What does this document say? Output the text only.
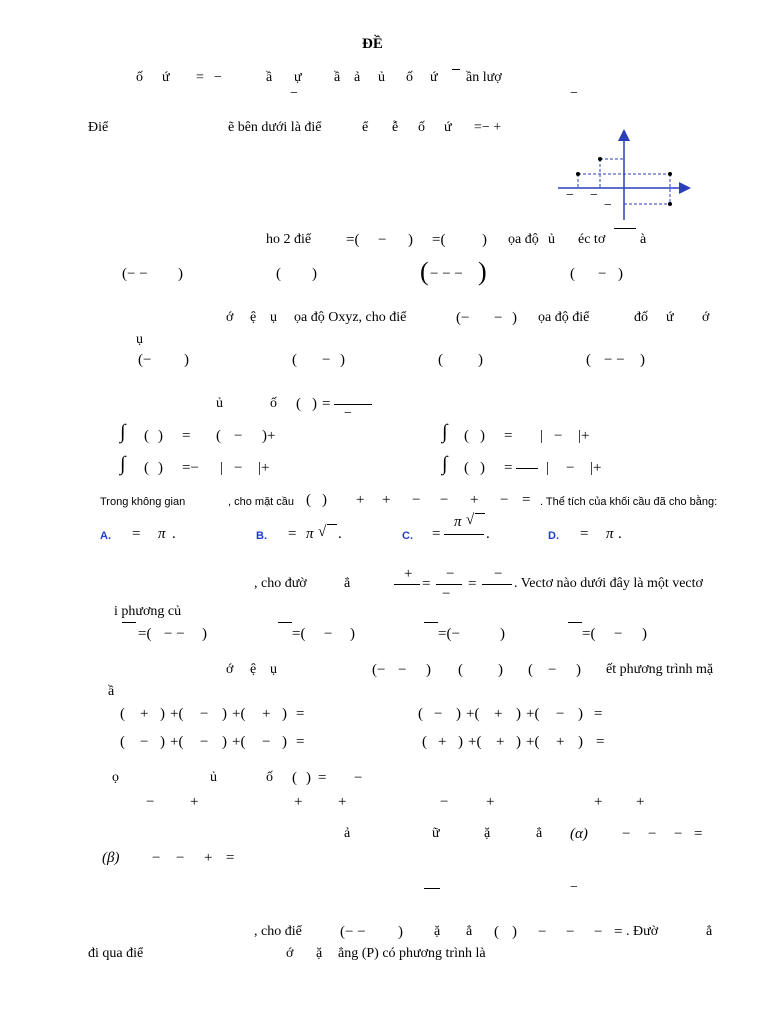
ĐỀ
ố ứ = −	ầ ự ầ ả ủ ố ứ ần lượ
−	−
Điể	ẽ bên dưới là điể	ể ễ ố ứ =− +
− −
−
ho 2 điể =( − ) =( ) ọa độ ủ éc tơ à
(− − )	( )	( − − − )	( − )
ớ ệ ụ ọa độ Oxyz, cho điể	(− − ) ọa độ điể	đố ứ ớ
ụ
(− )	( − )	( )	( − − )
ủ	ố ( ) =
−
∫ ( ) = ( − )+	∫ ( ) = | − |+
∫ ( ) =− | − |+	∫ ( ) = | − |+
Trong không gian	, cho mặt cầu ( ) + + − − + − = . Thể tích của khối cầu đã cho bằng:
A. = π .	B. = π √ .	C. =
π √
.	D. = π .
, cho đườ	ẳ
+
=
−
−
=
−
. Vectơ nào dưới đây là một vectơ
i phương củ
=( − − )	=( − )	=(−	)	=( − )
ớ ệ ụ	(− − ) ( ) ( − ) ết phương trình mặ
ầ
( + ) +( − ) +( + ) =	( − ) +( + ) +( − ) =
( − ) +( − ) +( − ) =	( + ) +( + ) +( + ) =
ọ	ủ	ố ( ) = −
− +	+ +	−	+	+ +
ả	ữ	ặ	ẳ (α) − − − =
(β) − − + =
−
, cho điể	(− − ) ặ ẳ ( ) − − − = . Đườ	ẳ
đi qua điể	ớ ặ ẳng (P) có phương trình là
